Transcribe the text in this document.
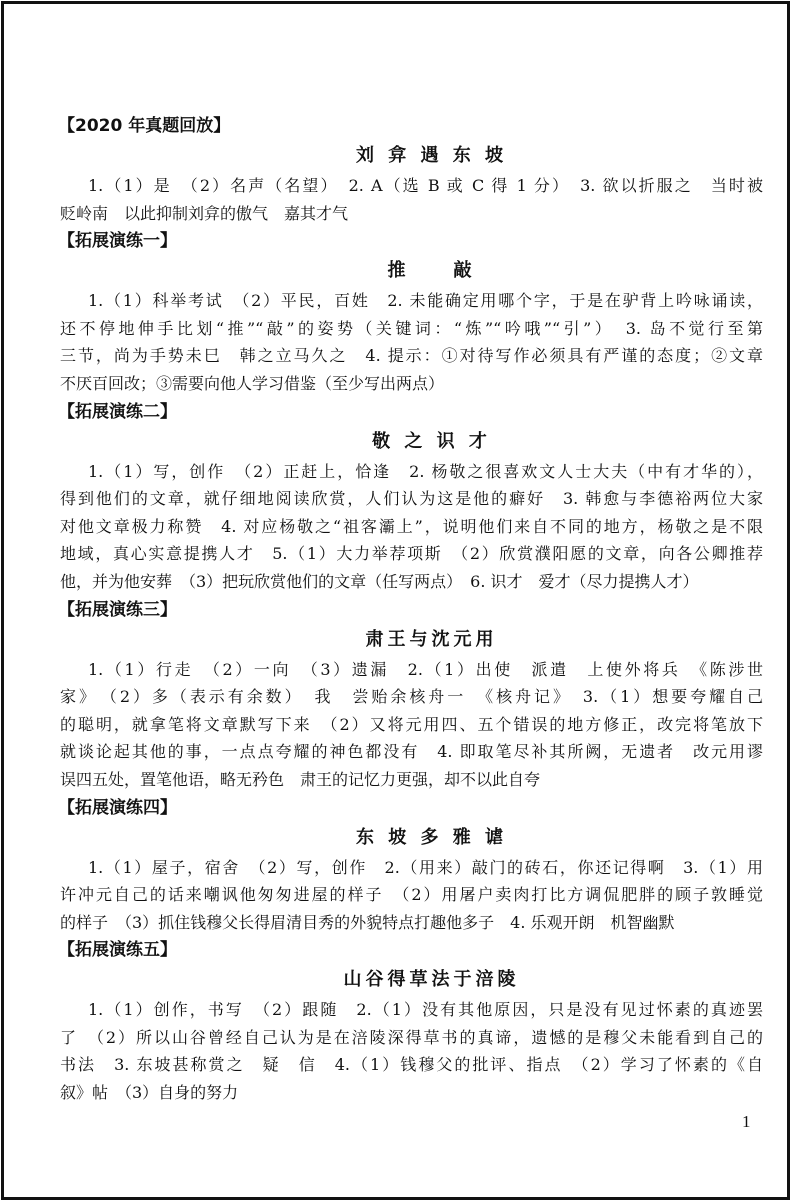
【2020 年真题回放】
刘 弇 遇 东 坡
1.（1）是　（2）名声（名望）　2. A（选 B 或 C 得 1 分）　3. 欲以折服之　当时被
贬岭南　以此抑制刘弇的傲气　嘉其才气
【拓展演练一】
推　　敲
1.（1）科举考试　（2）平民，百姓　2. 未能确定用哪个字，于是在驴背上吟咏诵读，
还不停地伸手比划“推”“敲”的姿势（关键词：“炼”“吟哦”“引”）　3. 岛不觉行至第
三节，尚为手势未巳　韩之立马久之　4. 提示：①对待写作必须具有严谨的态度；②文章
不厌百回改；③需要向他人学习借鉴（至少写出两点）
【拓展演练二】
敬 之 识 才
1.（1）写，创作　（2）正赶上，恰逢　2. 杨敬之很喜欢文人士大夫（中有才华的），
得到他们的文章，就仔细地阅读欣赏，人们认为这是他的癖好　3. 韩愈与李德裕两位大家
对他文章极力称赞　4. 对应杨敬之“祖客灞上”，说明他们来自不同的地方，杨敬之是不限
地域，真心实意提携人才　5.（1）大力举荐项斯　（2）欣赏濮阳愿的文章，向各公卿推荐
他，并为他安葬　（3）把玩欣赏他们的文章（任写两点）　6. 识才　爱才（尽力提携人才）
【拓展演练三】
肃王与沈元用
1.（1）行走　（2）一向　（3）遗漏　2.（1）出使　派遣　上使外将兵　《陈涉世
家》　（2）多（表示有余数）　我　尝贻余核舟一　《核舟记》　3.（1）想要夸耀自己
的聪明，就拿笔将文章默写下来　（2）又将元用四、五个错误的地方修正，改完将笔放下
就谈论起其他的事，一点点夸耀的神色都没有　4. 即取笔尽补其所阙，无遗者　改元用谬
误四五处，置笔他语，略无矜色　肃王的记忆力更强，却不以此自夸
【拓展演练四】
东 坡 多 雅 谑
1.（1）屋子，宿舍　（2）写，创作　2.（用来）敲门的砖石，你还记得啊　3.（1）用
许冲元自己的话来嘲讽他匆匆进屋的样子　（2）用屠户卖肉打比方调侃肥胖的顾子敦睡觉
的样子　（3）抓住钱穆父长得眉清目秀的外貌特点打趣他多子　4. 乐观开朗　机智幽默
【拓展演练五】
山谷得草法于涪陵
1.（1）创作，书写　（2）跟随　2.（1）没有其他原因，只是没有见过怀素的真迹罢
了　（2）所以山谷曾经自己认为是在涪陵深得草书的真谛，遗憾的是穆父未能看到自己的
书法　3. 东坡甚称赏之　疑　信　4.（1）钱穆父的批评、指点　（2）学习了怀素的《自
叙》帖　（3）自身的努力
1
